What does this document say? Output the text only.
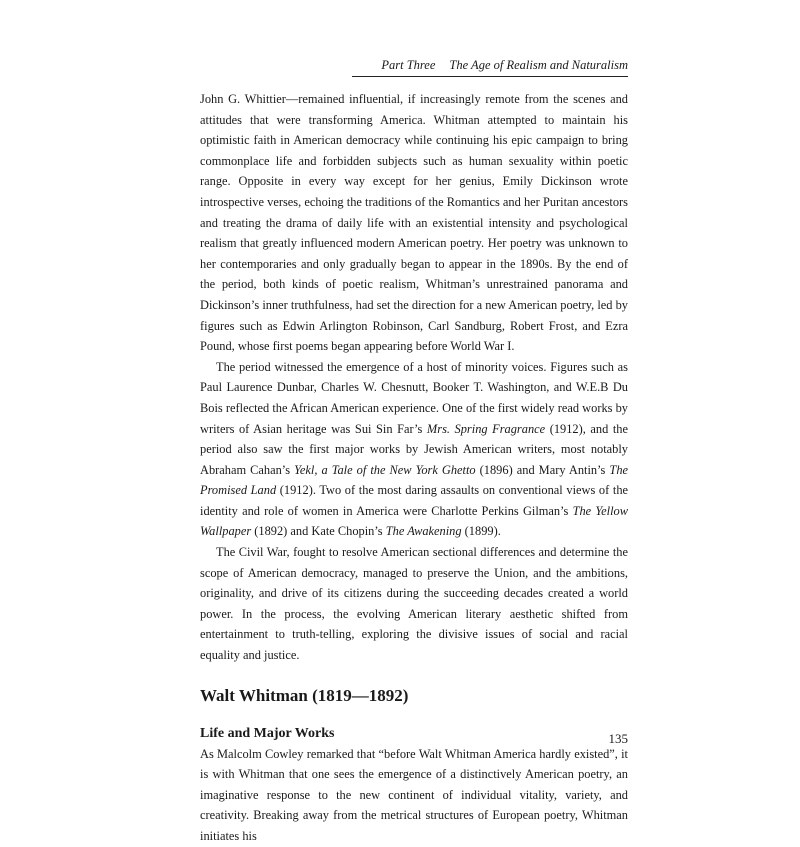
Part Three The Age of Realism and Naturalism

John G. Whittier—remained influential, if increasingly remote from the scenes and attitudes that were transforming America. Whitman attempted to maintain his optimistic faith in American democracy while continuing his epic campaign to bring commonplace life and forbidden subjects such as human sexuality within poetic range. Opposite in every way except for her genius, Emily Dickinson wrote introspective verses, echoing the traditions of the Romantics and her Puritan ancestors and treating the drama of daily life with an existential intensity and psychological realism that greatly influenced modern American poetry. Her poetry was unknown to her contemporaries and only gradually began to appear in the 1890s. By the end of the period, both kinds of poetic realism, Whitman’s unrestrained panorama and Dickinson’s inner truthfulness, had set the direction for a new American poetry, led by figures such as Edwin Arlington Robinson, Carl Sandburg, Robert Frost, and Ezra Pound, whose first poems began appearing before World War I.

The period witnessed the emergence of a host of minority voices. Figures such as Paul Laurence Dunbar, Charles W. Chesnutt, Booker T. Washington, and W.E.B Du Bois reflected the African American experience. One of the first widely read works by writers of Asian heritage was Sui Sin Far’s Mrs. Spring Fragrance (1912), and the period also saw the first major works by Jewish American writers, most notably Abraham Cahan’s Yekl, a Tale of the New York Ghetto (1896) and Mary Antin’s The Promised Land (1912). Two of the most daring assaults on conventional views of the identity and role of women in America were Charlotte Perkins Gilman’s The Yellow Wallpaper (1892) and Kate Chopin’s The Awakening (1899).

The Civil War, fought to resolve American sectional differences and determine the scope of American democracy, managed to preserve the Union, and the ambitions, originality, and drive of its citizens during the succeeding decades created a world power. In the process, the evolving American literary aesthetic shifted from entertainment to truth-telling, exploring the divisive issues of social and racial equality and justice.

Walt Whitman (1819—1892)
Life and Major Works

As Malcolm Cowley remarked that “before Walt Whitman America hardly existed”, it is with Whitman that one sees the emergence of a distinctively American poetry, an imaginative response to the new continent of individual vitality, variety, and creativity. Breaking away from the metrical structures of European poetry, Whitman initiates his

135
